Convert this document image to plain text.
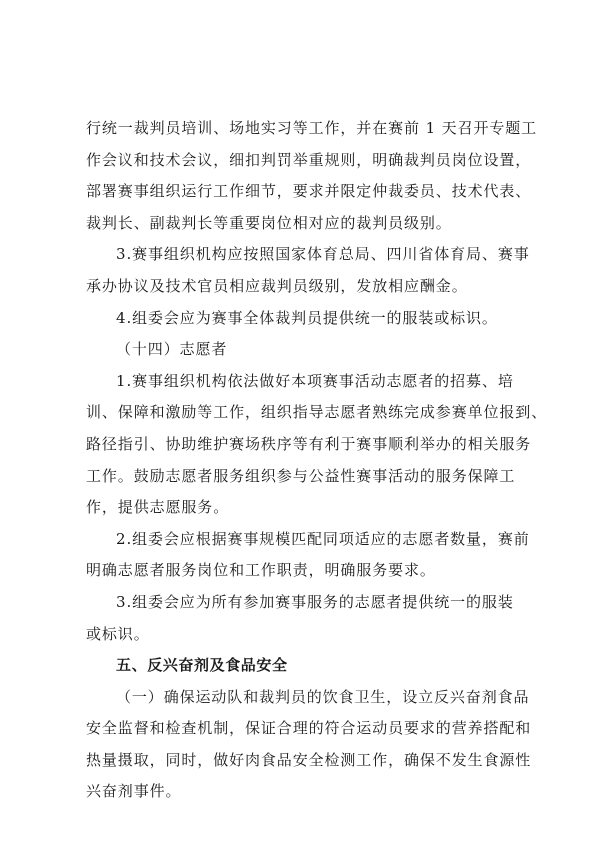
行统一裁判员培训、场地实习等工作，并在赛前 1 天召开专题工
作会议和技术会议，细扣判罚举重规则，明确裁判员岗位设置，
部署赛事组织运行工作细节，要求并限定仲裁委员、技术代表、
裁判长、副裁判长等重要岗位相对应的裁判员级别。
3.赛事组织机构应按照国家体育总局、四川省体育局、赛事
承办协议及技术官员相应裁判员级别，发放相应酬金。
4.组委会应为赛事全体裁判员提供统一的服装或标识。
（十四）志愿者
1.赛事组织机构依法做好本项赛事活动志愿者的招募、培
训、保障和激励等工作，组织指导志愿者熟练完成参赛单位报到、
路径指引、协助维护赛场秩序等有利于赛事顺利举办的相关服务
工作。鼓励志愿者服务组织参与公益性赛事活动的服务保障工
作，提供志愿服务。
2.组委会应根据赛事规模匹配同项适应的志愿者数量，赛前
明确志愿者服务岗位和工作职责，明确服务要求。
3.组委会应为所有参加赛事服务的志愿者提供统一的服装
或标识。
五、反兴奋剂及食品安全
（一）确保运动队和裁判员的饮食卫生，设立反兴奋剂食品
安全监督和检查机制，保证合理的符合运动员要求的营养搭配和
热量摄取，同时，做好肉食品安全检测工作，确保不发生食源性
兴奋剂事件。
